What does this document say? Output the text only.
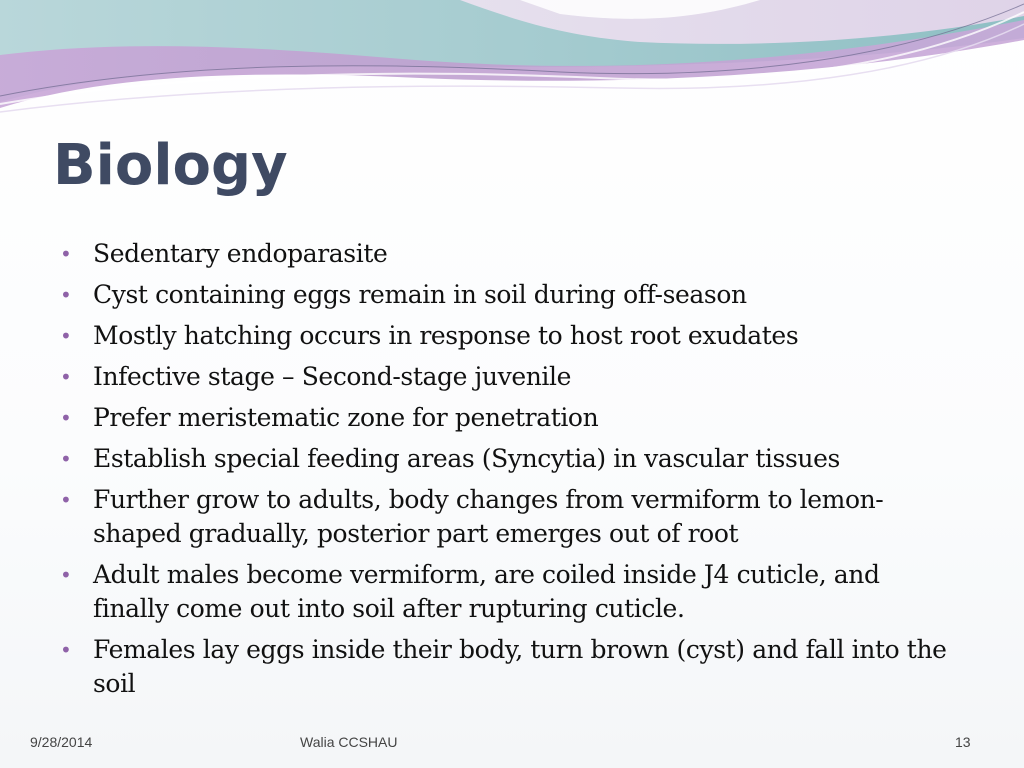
Biology
• Sedentary endoparasite
• Cyst containing eggs remain in soil during off-season
• Mostly hatching occurs in response to host root exudates
• Infective stage – Second-stage juvenile
• Prefer meristematic zone for penetration
• Establish special feeding areas (Syncytia) in vascular tissues
• Further grow to adults, body changes from vermiform to lemon-shaped gradually, posterior part emerges out of root
• Adult males become vermiform, are coiled inside J4 cuticle, and finally come out into soil after rupturing cuticle.
• Females lay eggs inside their body, turn brown (cyst) and fall into the soil
9/28/2014	Walia CCSHAU	13
